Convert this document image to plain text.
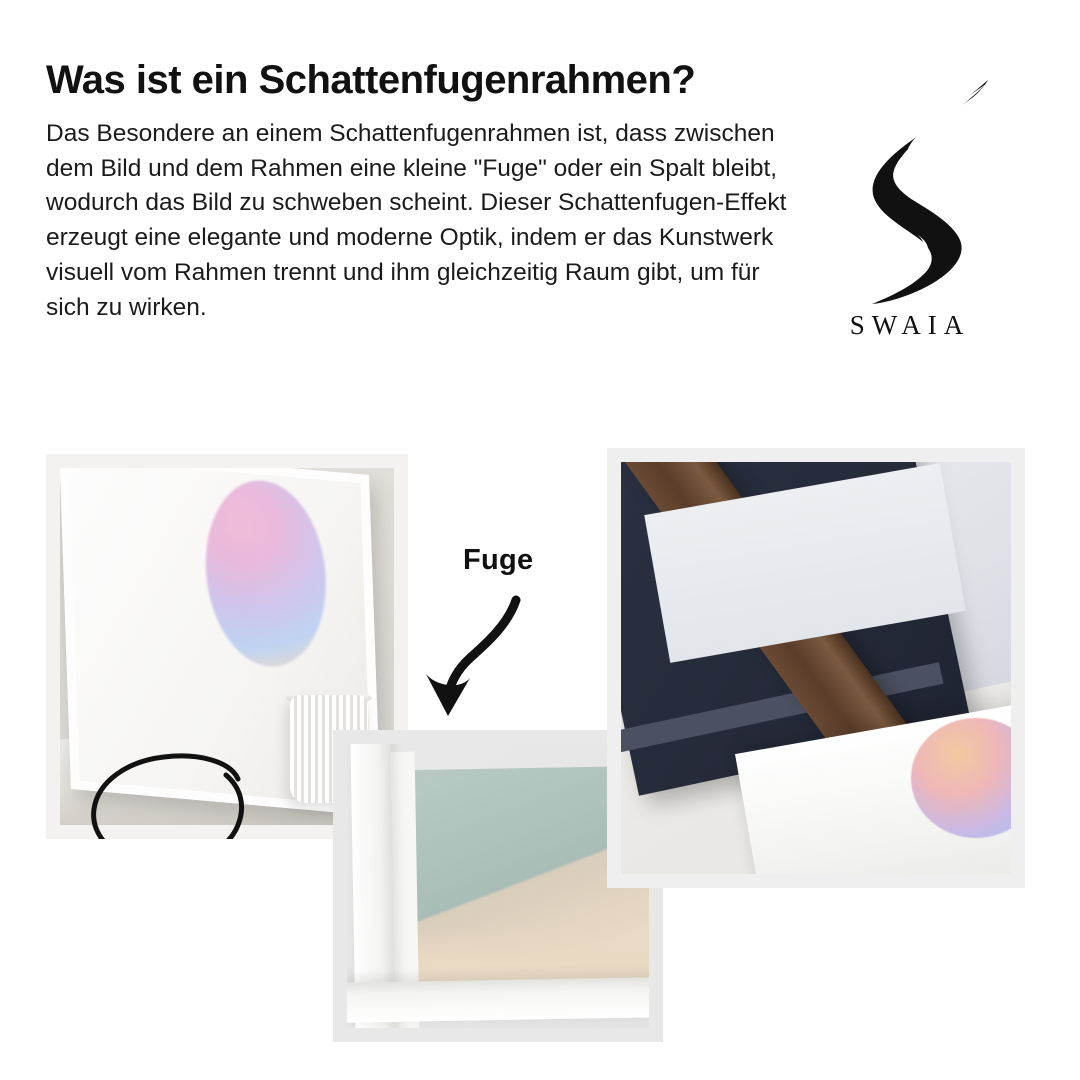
Was ist ein Schattenfugenrahmen?

Das Besondere an einem Schattenfugenrahmen ist, dass zwischen dem Bild und dem Rahmen eine kleine "Fuge" oder ein Spalt bleibt, wodurch das Bild zu schweben scheint. Dieser Schattenfugen-Effekt erzeugt eine elegante und moderne Optik, indem er das Kunstwerk visuell vom Rahmen trennt und ihm gleichzeitig Raum gibt, um für sich zu wirken.

SWAIA
Fuge
